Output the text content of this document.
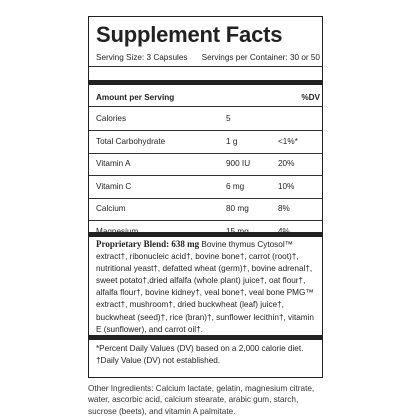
Supplement Facts
Serving Size: 3 Capsules Servings per Container: 30 or 50
Amount per Serving	%DV
Calories	5
Total Carbohydrate	1 g	<1%*
Vitamin A	900 IU	20%
Vitamin C	6 mg	10%
Calcium	80 mg	8%
Magnesium	15 mg	4%
Proprietary Blend: 638 mg Bovine thymus Cytosol™ extract†, ribonucleic acid†, bovine bone†, carrot (root)†, nutritional yeast†, defatted wheat (germ)†, bovine adrenal†, sweet potato†,dried alfalfa (whole plant) juice†, oat flour†, alfalfa flour†, bovine kidney†, veal bone†, veal bone PMG™ extract†, mushroom†, dried buckwheat (leaf) juice†, buckwheat (seed)†, rice (bran)†, sunflower lecithin†, vitamin E (sunflower), and carrot oil†.
*Percent Daily Values (DV) based on a 2,000 calorie diet.
†Daily Value (DV) not established.
Other Ingredients: Calcium lactate, gelatin, magnesium citrate, water, ascorbic acid, calcium stearate, arabic gum, starch, sucrose (beets), and vitamin A palmitate.
